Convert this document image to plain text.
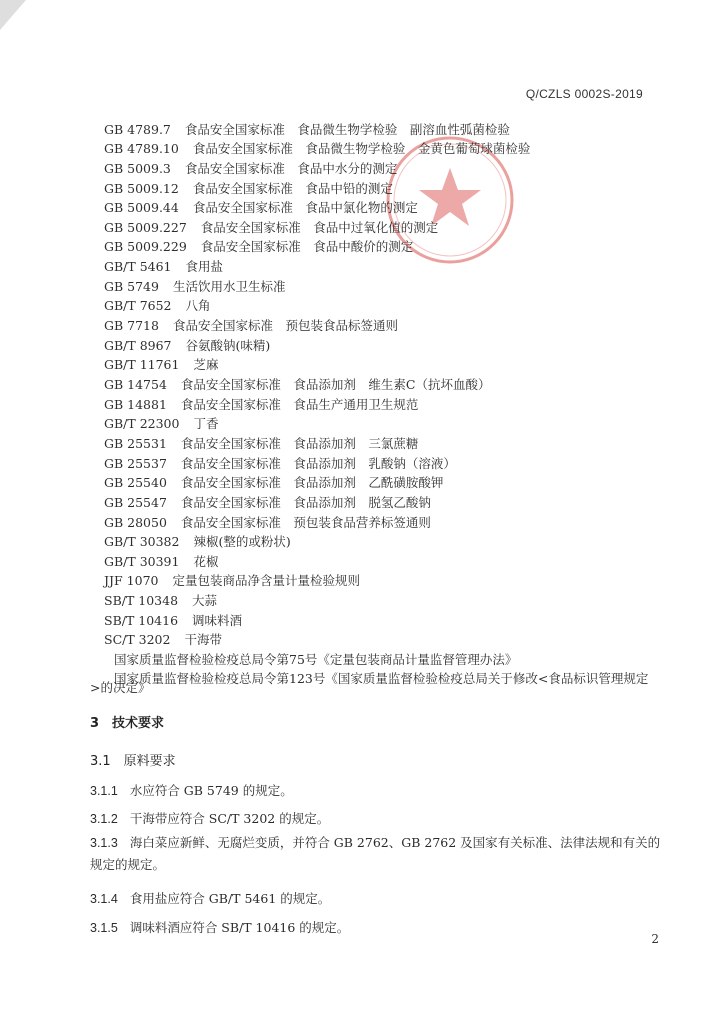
Q/CZLS 0002S-2019
GB 4789.7 食品安全国家标准　食品微生物学检验　副溶血性弧菌检验
GB 4789.10 食品安全国家标准　食品微生物学检验　金黄色葡萄球菌检验
GB 5009.3 食品安全国家标准　食品中水分的测定
GB 5009.12 食品安全国家标准　食品中铅的测定
GB 5009.44 食品安全国家标准　食品中氯化物的测定
GB 5009.227 食品安全国家标准　食品中过氧化值的测定
GB 5009.229 食品安全国家标准　食品中酸价的测定
GB/T 5461 食用盐
GB 5749 生活饮用水卫生标准
GB/T 7652 八角
GB 7718 食品安全国家标准　预包装食品标签通则
GB/T 8967 谷氨酸钠(味精)
GB/T 11761 芝麻
GB 14754 食品安全国家标准　食品添加剂　维生素C（抗坏血酸）
GB 14881 食品安全国家标准　食品生产通用卫生规范
GB/T 22300 丁香
GB 25531 食品安全国家标准　食品添加剂　三氯蔗糖
GB 25537 食品安全国家标准　食品添加剂　乳酸钠（溶液）
GB 25540 食品安全国家标准　食品添加剂　乙酰磺胺酸钾
GB 25547 食品安全国家标准　食品添加剂　脱氢乙酸钠
GB 28050 食品安全国家标准　预包装食品营养标签通则
GB/T 30382 辣椒(整的或粉状)
GB/T 30391 花椒
JJF 1070 定量包装商品净含量计量检验规则
SB/T 10348 大蒜
SB/T 10416 调味料酒
SC/T 3202 干海带
国家质量监督检验检疫总局令第75号《定量包装商品计量监督管理办法》
国家质量监督检验检疫总局令第123号《国家质量监督检验检疫总局关于修改<食品标识管理规定
>的决定》
3　技术要求
3.1　原料要求
3.1.1 水应符合 GB 5749 的规定。
3.1.2 干海带应符合 SC/T 3202 的规定。
3.1.3 海白菜应新鲜、无腐烂变质，并符合 GB 2762、GB 2762 及国家有关标准、法律法规和有关的规定的规定。
3.1.4 食用盐应符合 GB/T 5461 的规定。
3.1.5 调味料酒应符合 SB/T 10416 的规定。
2
